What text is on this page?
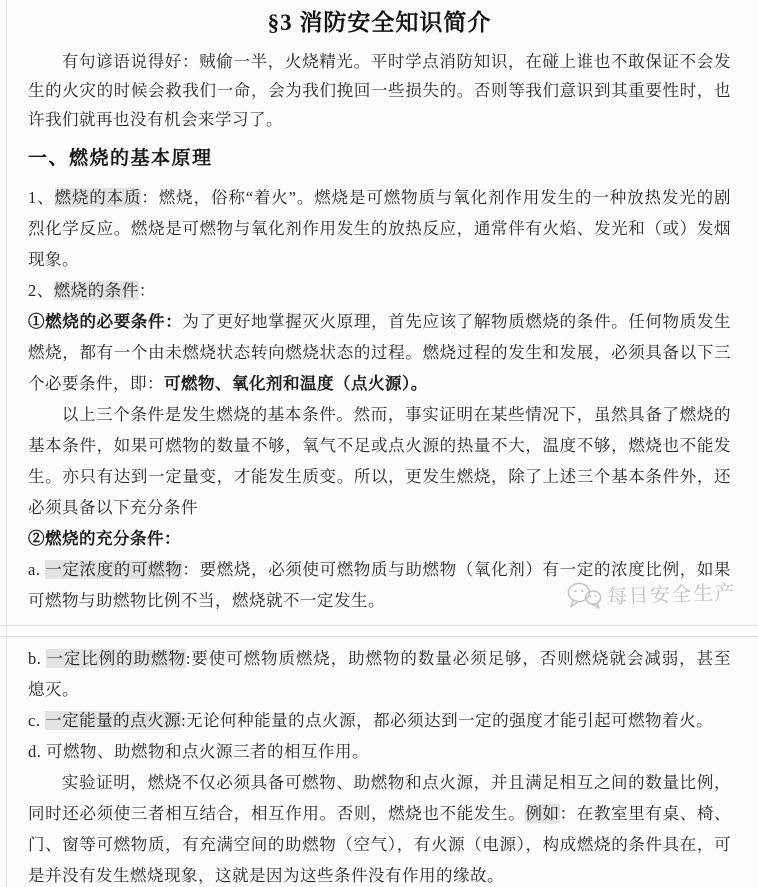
§3 消防安全知识简介

有句谚语说得好：贼偷一半，火烧精光。平时学点消防知识，在碰上谁也不敢保证不会发生的火灾的时候会救我们一命，会为我们挽回一些损失的。否则等我们意识到其重要性时，也许我们就再也没有机会来学习了。

一、燃烧的基本原理

1、燃烧的本质：燃烧，俗称“着火”。燃烧是可燃物质与氧化剂作用发生的一种放热发光的剧烈化学反应。燃烧是可燃物与氧化剂作用发生的放热反应，通常伴有火焰、发光和（或）发烟现象。

2、燃烧的条件：

①燃烧的必要条件：为了更好地掌握灭火原理，首先应该了解物质燃烧的条件。任何物质发生燃烧，都有一个由未燃烧状态转向燃烧状态的过程。燃烧过程的发生和发展，必须具备以下三个必要条件，即：可燃物、氧化剂和温度（点火源）。

以上三个条件是发生燃烧的基本条件。然而，事实证明在某些情况下，虽然具备了燃烧的基本条件，如果可燃物的数量不够，氧气不足或点火源的热量不大，温度不够，燃烧也不能发生。亦只有达到一定量变，才能发生质变。所以，更发生燃烧，除了上述三个基本条件外，还必须具备以下充分条件

②燃烧的充分条件：

a. 一定浓度的可燃物：要燃烧，必须使可燃物质与助燃物（氧化剂）有一定的浓度比例，如果可燃物与助燃物比例不当，燃烧就不一定发生。

b. 一定比例的助燃物:要使可燃物质燃烧，助燃物的数量必须足够，否则燃烧就会减弱，甚至熄灭。

c. 一定能量的点火源:无论何种能量的点火源，都必须达到一定的强度才能引起可燃物着火。

d. 可燃物、助燃物和点火源三者的相互作用。

实验证明，燃烧不仅必须具备可燃物、助燃物和点火源，并且满足相互之间的数量比例，同时还必须使三者相互结合，相互作用。否则，燃烧也不能发生。例如：在教室里有桌、椅、门、窗等可燃物质，有充满空间的助燃物（空气），有火源（电源），构成燃烧的条件具在，可是并没有发生燃烧现象，这就是因为这些条件没有作用的缘故。

每日安全生产
